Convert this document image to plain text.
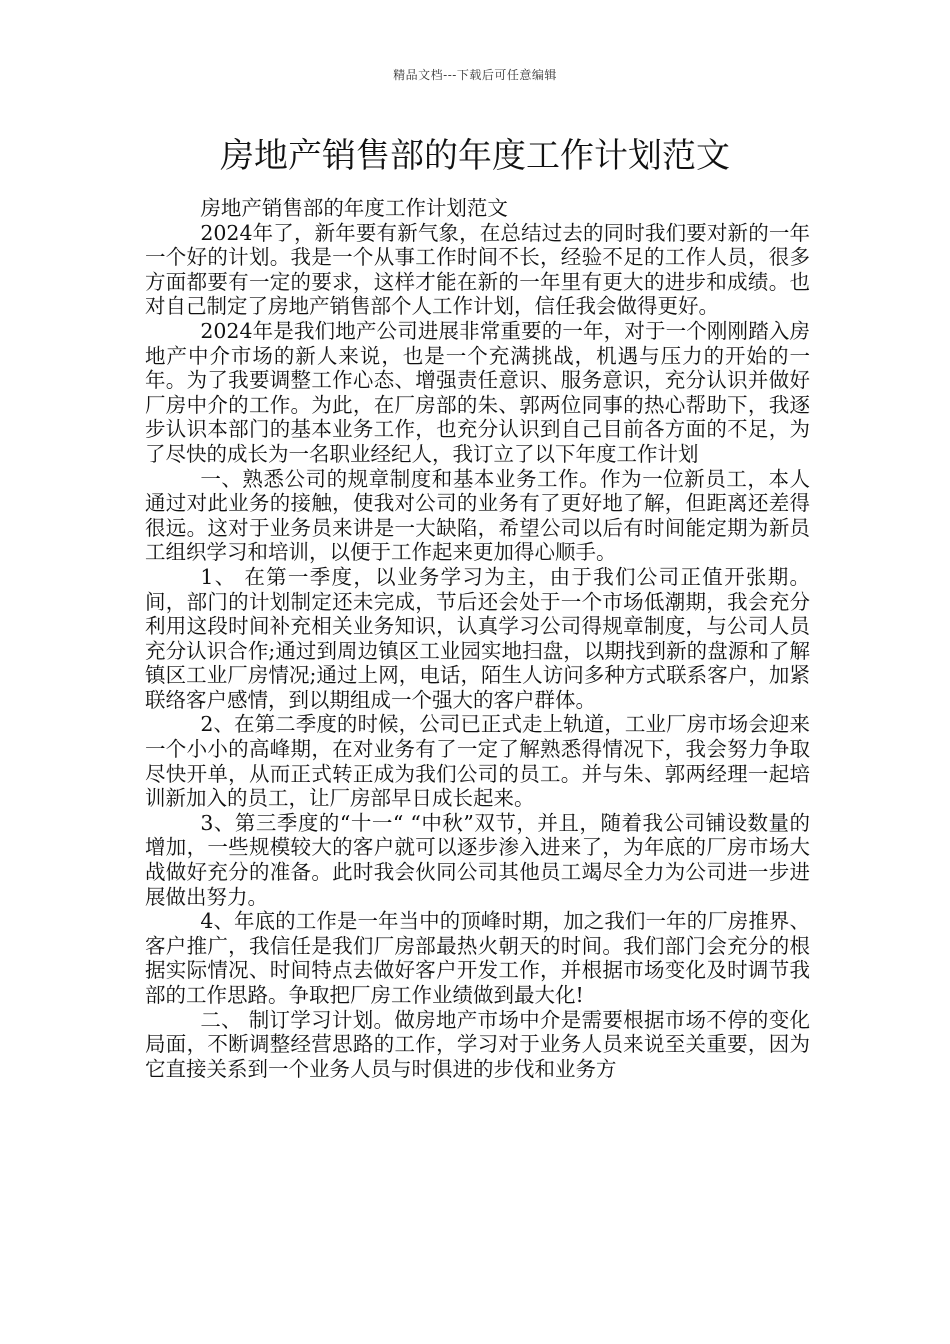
精品文档---下载后可任意编辑
房地产销售部的年度工作计划范文

房地产销售部的年度工作计划范文

2024年了，新年要有新气象，在总结过去的同时我们要对新的一年一个好的计划。我是一个从事工作时间不长，经验不足的工作人员，很多方面都要有一定的要求，这样才能在新的一年里有更大的进步和成绩。也对自己制定了房地产销售部个人工作计划，信任我会做得更好。

2024年是我们地产公司进展非常重要的一年，对于一个刚刚踏入房地产中介市场的新人来说，也是一个充满挑战，机遇与压力的开始的一年。为了我要调整工作心态、增强责任意识、服务意识，充分认识并做好厂房中介的工作。为此，在厂房部的朱、郭两位同事的热心帮助下，我逐步认识本部门的基本业务工作，也充分认识到自己目前各方面的不足，为了尽快的成长为一名职业经纪人，我订立了以下年度工作计划

一、熟悉公司的规章制度和基本业务工作。作为一位新员工，本人通过对此业务的接触，使我对公司的业务有了更好地了解，但距离还差得很远。这对于业务员来讲是一大缺陷，希望公司以后有时间能定期为新员工组织学习和培训，以便于工作起来更加得心顺手。

1、 在第一季度，以业务学习为主，由于我们公司正值开张期。间，部门的计划制定还未完成，节后还会处于一个市场低潮期，我会充分利用这段时间补充相关业务知识，认真学习公司得规章制度，与公司人员充分认识合作;通过到周边镇区工业园实地扫盘，以期找到新的盘源和了解镇区工业厂房情况;通过上网，电话，陌生人访问多种方式联系客户，加紧联络客户感情，到以期组成一个强大的客户群体。

2、在第二季度的时候，公司已正式走上轨道，工业厂房市场会迎来一个小小的高峰期，在对业务有了一定了解熟悉得情况下，我会努力争取尽快开单，从而正式转正成为我们公司的员工。并与朱、郭两经理一起培训新加入的员工，让厂房部早日成长起来。

3、第三季度的“十一“ “中秋”双节，并且，随着我公司铺设数量的增加，一些规模较大的客户就可以逐步渗入进来了，为年底的厂房市场大战做好充分的准备。此时我会伙同公司其他员工竭尽全力为公司进一步进展做出努力。

4、年底的工作是一年当中的顶峰时期，加之我们一年的厂房推界、客户推广，我信任是我们厂房部最热火朝天的时间。我们部门会充分的根据实际情况、时间特点去做好客户开发工作，并根据市场变化及时调节我部的工作思路。争取把厂房工作业绩做到最大化!

二、 制订学习计划。做房地产市场中介是需要根据市场不停的变化局面，不断调整经营思路的工作，学习对于业务人员来说至关重要，因为它直接关系到一个业务人员与时俱进的步伐和业务方
